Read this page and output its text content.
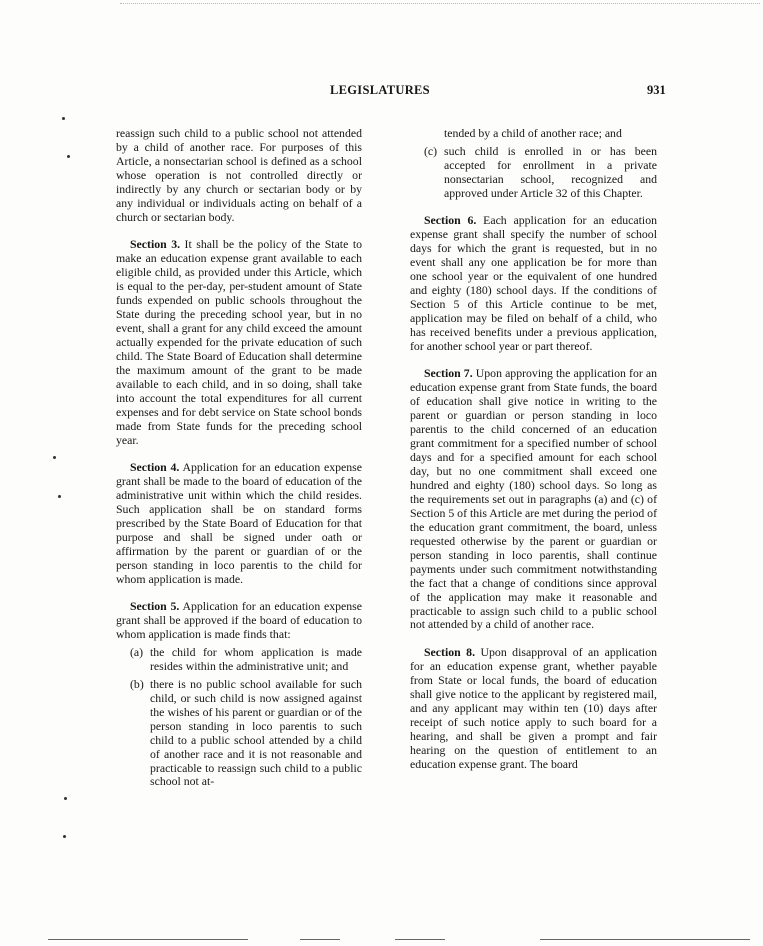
LEGISLATURES	931

reassign such child to a public school not attended by a child of another race. For purposes of this Article, a nonsectarian school is defined as a school whose operation is not controlled directly or indirectly by any church or sectarian body or by any individual or individuals acting on behalf of a church or sectarian body.

Section 3. It shall be the policy of the State to make an education expense grant available to each eligible child, as provided under this Article, which is equal to the per-day, per-student amount of State funds expended on public schools throughout the State during the preceding school year, but in no event, shall a grant for any child exceed the amount actually expended for the private education of such child. The State Board of Education shall determine the maximum amount of the grant to be made available to each child, and in so doing, shall take into account the total expenditures for all current expenses and for debt service on State school bonds made from State funds for the preceding school year.

Section 4. Application for an education expense grant shall be made to the board of education of the administrative unit within which the child resides. Such application shall be on standard forms prescribed by the State Board of Education for that purpose and shall be signed under oath or affirmation by the parent or guardian of or the person standing in loco parentis to the child for whom application is made.

Section 5. Application for an education expense grant shall be approved if the board of education to whom application is made finds that:

(a) the child for whom application is made resides within the administrative unit; and
(b) there is no public school available for such child, or such child is now assigned against the wishes of his parent or guardian or of the person standing in loco parentis to such child to a public school attended by a child of another race and it is not reasonable and practicable to reassign such child to a public school not at-
tended by a child of another race; and
(c) such child is enrolled in or has been accepted for enrollment in a private nonsectarian school, recognized and approved under Article 32 of this Chapter.

Section 6. Each application for an education expense grant shall specify the number of school days for which the grant is requested, but in no event shall any one application be for more than one school year or the equivalent of one hundred and eighty (180) school days. If the conditions of Section 5 of this Article continue to be met, application may be filed on behalf of a child, who has received benefits under a previous application, for another school year or part thereof.

Section 7. Upon approving the application for an education expense grant from State funds, the board of education shall give notice in writing to the parent or guardian or person standing in loco parentis to the child concerned of an education grant commitment for a specified number of school days and for a specified amount for each school day, but no one commitment shall exceed one hundred and eighty (180) school days. So long as the requirements set out in paragraphs (a) and (c) of Section 5 of this Article are met during the period of the education grant commitment, the board, unless requested otherwise by the parent or guardian or person standing in loco parentis, shall continue payments under such commitment notwithstanding the fact that a change of conditions since approval of the application may make it reasonable and practicable to assign such child to a public school not attended by a child of another race.

Section 8. Upon disapproval of an application for an education expense grant, whether payable from State or local funds, the board of education shall give notice to the applicant by registered mail, and any applicant may within ten (10) days after receipt of such notice apply to such board for a hearing, and shall be given a prompt and fair hearing on the question of entitlement to an education expense grant. The board
